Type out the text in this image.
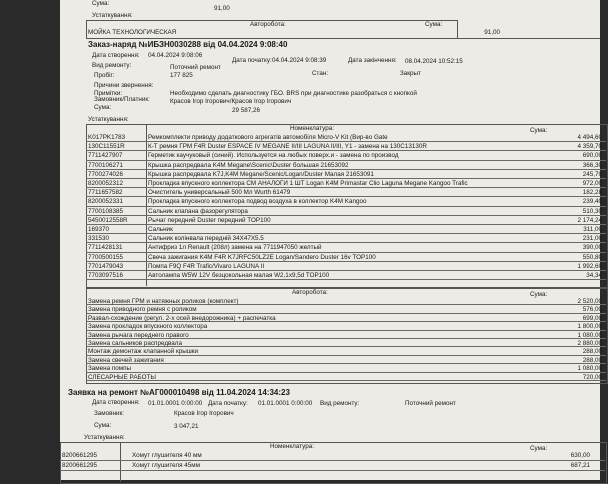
Сума:
91,00
Устаткування:
Авторобота:	Сума:
МОЙКА ТЕХНОЛОГИЧЕСКАЯ	91,00
Заказ-наряд №ИБЗН0030288 від 04.04.2024 9:08:40
Дата створення: 04.04.2024 9:08:06
Дата початку: 04.04.2024 9:08:39	Дата закінчення: 08.04.2024 10:52:15
Вид ремонту:	Поточний ремонт
Пробіг:	177 825	Стан:	Закрыт
Причини звернення:
Примітки:	Необходимо сделать диагностику ГБО. BRS при диагностике разобраться с кнопкой
Замовник/Платник:	Красов Ігор Ігорович/Красов Ігор Ігорович
Сума:	29 587,26
Устаткування:
Номенклатура:	Сума:
K017PK1783	Ремкомплекти приводу додаткового агрегатів автомобіля Micro-V Kit (Вир-во Gate	4 494,60
130C11551R	К-Т ремня ГРМ F4R Duster ESPACE IV MEGANE II/III LAGUNA II/III, Y1 - замена на 130C13130R	4 359,70
7711427907	Герметик каучуковый (синий). Используется на любых поверх.и - замена по производ	690,00
7700106271	Крышка распредвала K4M Megane\Scenic\Duster большая 21653092	366,30
7700274026	Крышка распредвала K7J,K4M Megane/Scenic/Logan/Duster Малая 21653091	245,70
8200052312	Прокладка впускного коллектора СМ АНАЛОГИ 1 ШТ Logan K4M Primastar Clio Laguna Megane Kangoo Trafic	972,00
7711657582	Очиститель универсальный 500 Мл Wurth 61479	182,28
8200052331	Прокладка впускного коллектора подвод воздуха в коллектор K4M Kangoo	239,40
7700108385	Сальник клапана фазорегулятора	510,30
5450012558R	Рычаг передний Duster передний TOP100	2 174,24
169370	Сальник	311,00
331530	Сальник колінвала передній 34X47X5.5	231,00
7711428131	Антифриз 1л Renault (208л) замена на 7711947050 желтый	390,00
7700500155	Свеча зажигания K4M F4R K7JRFC50LZ2E Logan/Sandero Duster 16v TOP100	550,80
7701479043	Помпа F9Q F4R Trafic/Vivaro LAGUNA II	1 992,60
7703097516	Автолампа W5W 12V безцокольная малая W2,1x9,5d TOP100	34,34
Авторобота:	Сума:
Замена ремня ГРМ и натяжных роликов (комплект)	2 520,00
Замена приводного ремня с роликом	576,00
Развал-схождение (регул. 2-х осей внедорожника) + распечатка	699,00
Замена прокладок впускного коллектора	1 800,00
Замена рычага переднего правого	1 080,00
Замена сальников распредвала	2 880,00
Монтаж демонтаж клапанной крышки	288,00
Замена свечей зажигания	288,00
Замена помпы	1 080,00
СЛЕСАРНЫЕ РАБОТЫ	720,00
Заявка на ремонт №АГ000010498 від 11.04.2024 14:34:23
Дата створення: 01.01.0001 0:00:00 Дата початку: 01.01.0001 0:00:00 Вид ремонту:	Поточний ремонт
Замовник:	Красов Ігор Ігорович
Сума:	3 047,21
Устаткування:
Номенклатура:	Сума:
8200661295	Хомут глушителя 40 мм	630,00
8200661295	Хомут глушителя 45мм	687,21
